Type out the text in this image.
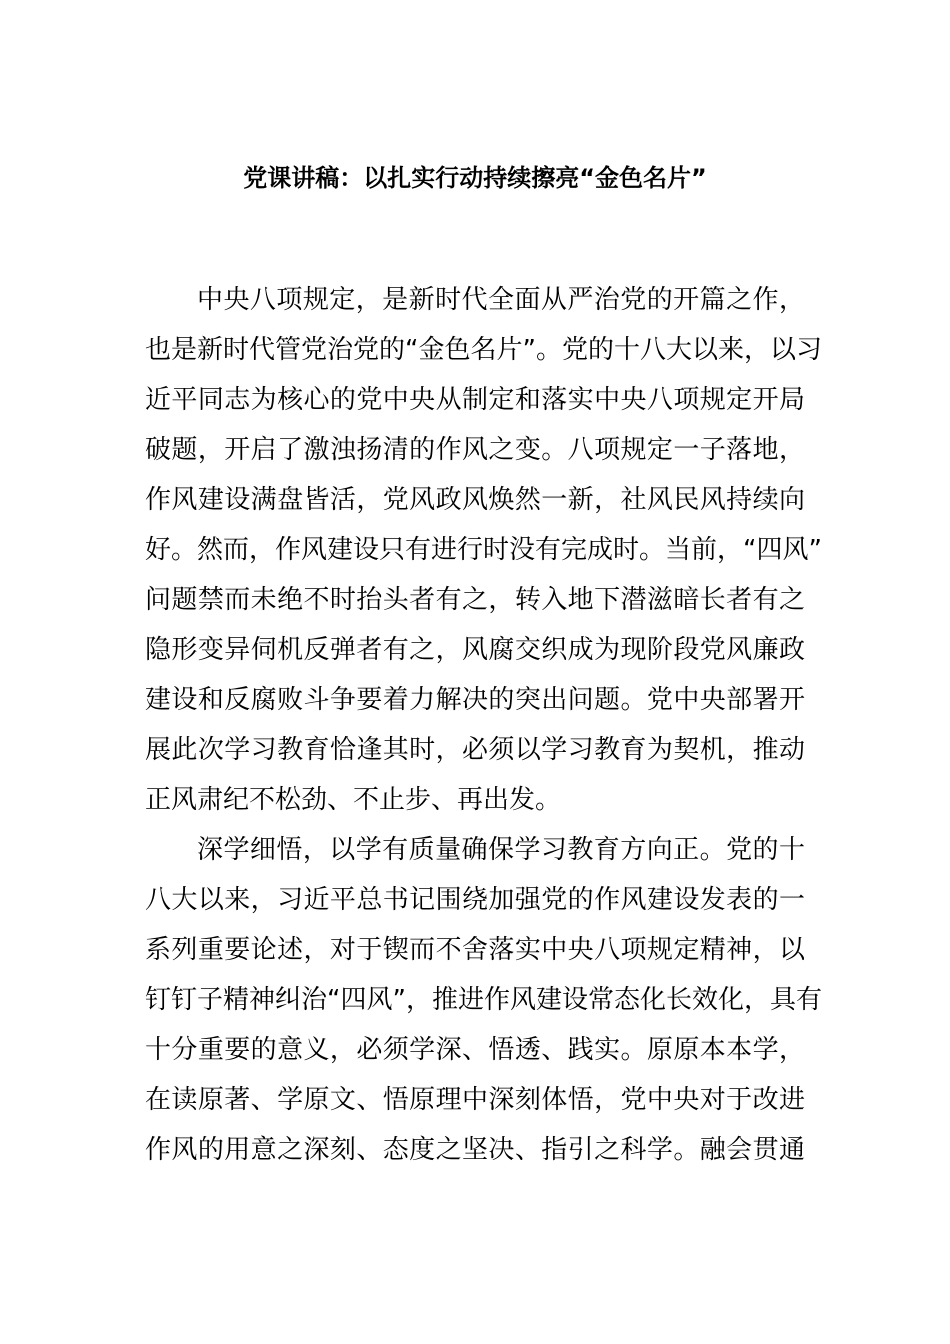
党课讲稿：以扎实行动持续擦亮“金色名片”
中央八项规定，是新时代全面从严治党的开篇之作，
也是新时代管党治党的“金色名片”。党的十八大以来，以习
近平同志为核心的党中央从制定和落实中央八项规定开局
破题，开启了激浊扬清的作风之变。八项规定一子落地，
作风建设满盘皆活，党风政风焕然一新，社风民风持续向
好。然而，作风建设只有进行时没有完成时。当前，“四风”
问题禁而未绝不时抬头者有之，转入地下潜滋暗长者有之
隐形变异伺机反弹者有之，风腐交织成为现阶段党风廉政
建设和反腐败斗争要着力解决的突出问题。党中央部署开
展此次学习教育恰逢其时，必须以学习教育为契机，推动
正风肃纪不松劲、不止步、再出发。
深学细悟，以学有质量确保学习教育方向正。党的十
八大以来，习近平总书记围绕加强党的作风建设发表的一
系列重要论述，对于锲而不舍落实中央八项规定精神，以
钉钉子精神纠治“四风”，推进作风建设常态化长效化，具有
十分重要的意义，必须学深、悟透、践实。原原本本学，
在读原著、学原文、悟原理中深刻体悟，党中央对于改进
作风的用意之深刻、态度之坚决、指引之科学。融会贯通
